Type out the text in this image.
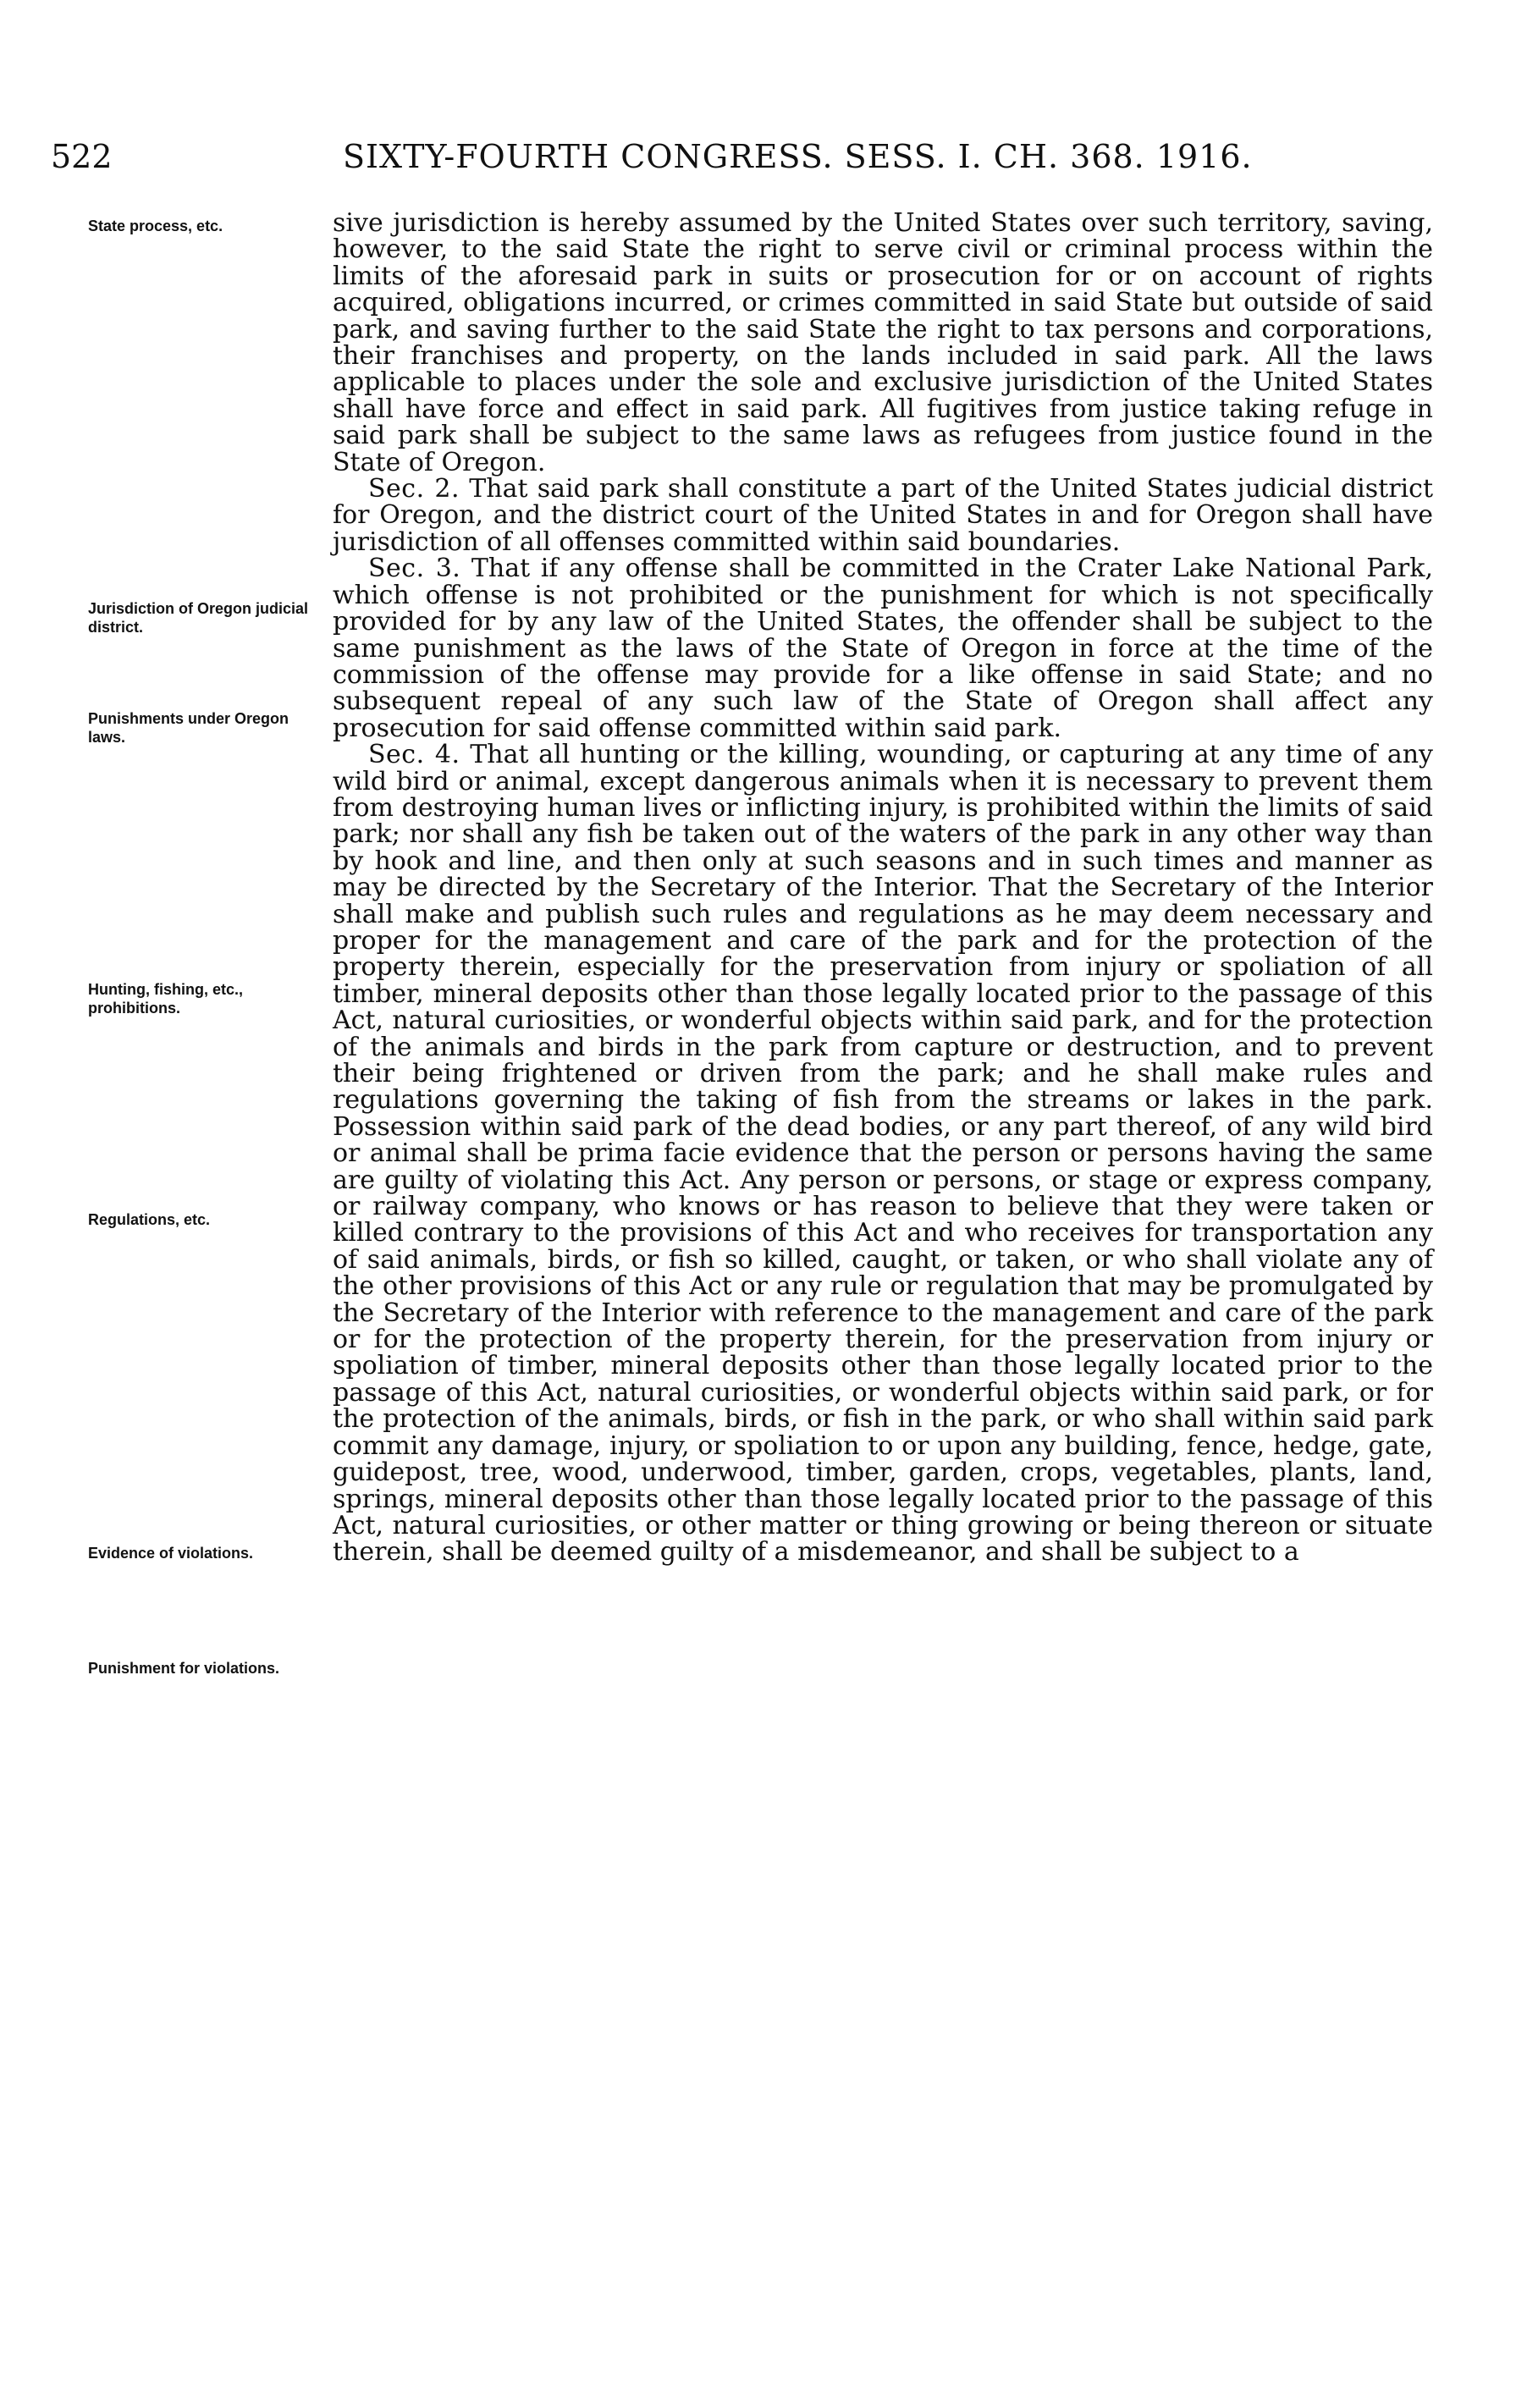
522	SIXTY-FOURTH CONGRESS. SESS. I. CH. 368. 1916.
State process, etc.
Jurisdiction of Oregon judicial district.
Punishments under Oregon laws.
Hunting, fishing, etc., prohibitions.
Regulations, etc.
Evidence of violations.
Punishment for violations.

sive jurisdiction is hereby assumed by the United States over such territory, saving, however, to the said State the right to serve civil or criminal process within the limits of the aforesaid park in suits or prosecution for or on account of rights acquired, obligations incurred, or crimes committed in said State but outside of said park, and saving further to the said State the right to tax persons and corporations, their franchises and property, on the lands included in said park. All the laws applicable to places under the sole and exclusive jurisdiction of the United States shall have force and effect in said park. All fugitives from justice taking refuge in said park shall be subject to the same laws as refugees from justice found in the State of Oregon.

Sec. 2. That said park shall constitute a part of the United States judicial district for Oregon, and the district court of the United States in and for Oregon shall have jurisdiction of all offenses committed within said boundaries.

Sec. 3. That if any offense shall be committed in the Crater Lake National Park, which offense is not prohibited or the punishment for which is not specifically provided for by any law of the United States, the offender shall be subject to the same punishment as the laws of the State of Oregon in force at the time of the commission of the offense may provide for a like offense in said State; and no subsequent repeal of any such law of the State of Oregon shall affect any prosecution for said offense committed within said park.

Sec. 4. That all hunting or the killing, wounding, or capturing at any time of any wild bird or animal, except dangerous animals when it is necessary to prevent them from destroying human lives or inflicting injury, is prohibited within the limits of said park; nor shall any fish be taken out of the waters of the park in any other way than by hook and line, and then only at such seasons and in such times and manner as may be directed by the Secretary of the Interior. That the Secretary of the Interior shall make and publish such rules and regulations as he may deem necessary and proper for the management and care of the park and for the protection of the property therein, especially for the preservation from injury or spoliation of all timber, mineral deposits other than those legally located prior to the passage of this Act, natural curiosities, or wonderful objects within said park, and for the protection of the animals and birds in the park from capture or destruction, and to prevent their being frightened or driven from the park; and he shall make rules and regulations governing the taking of fish from the streams or lakes in the park. Possession within said park of the dead bodies, or any part thereof, of any wild bird or animal shall be prima facie evidence that the person or persons having the same are guilty of violating this Act. Any person or persons, or stage or express company, or railway company, who knows or has reason to believe that they were taken or killed contrary to the provisions of this Act and who receives for transportation any of said animals, birds, or fish so killed, caught, or taken, or who shall violate any of the other provisions of this Act or any rule or regulation that may be promulgated by the Secretary of the Interior with reference to the management and care of the park or for the protection of the property therein, for the preservation from injury or spoliation of timber, mineral deposits other than those legally located prior to the passage of this Act, natural curiosities, or wonderful objects within said park, or for the protection of the animals, birds, or fish in the park, or who shall within said park commit any damage, injury, or spoliation to or upon any building, fence, hedge, gate, guidepost, tree, wood, underwood, timber, garden, crops, vegetables, plants, land, springs, mineral deposits other than those legally located prior to the passage of this Act, natural curiosities, or other matter or thing growing or being thereon or situate therein, shall be deemed guilty of a misdemeanor, and shall be subject to a
